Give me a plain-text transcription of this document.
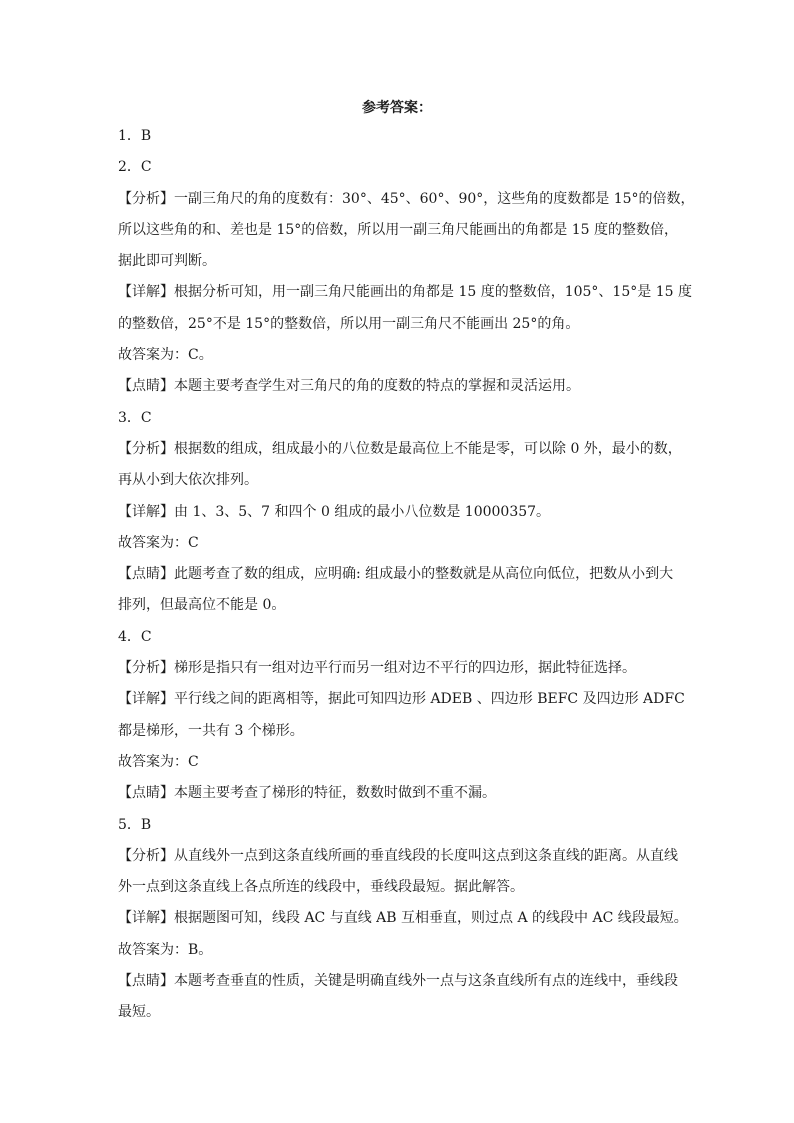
参考答案：
1．B
2．C
【分析】一副三角尺的角的度数有：30°、45°、60°、90°，这些角的度数都是 15°的倍数，
所以这些角的和、差也是 15°的倍数，所以用一副三角尺能画出的角都是 15 度的整数倍，
据此即可判断。
【详解】根据分析可知，用一副三角尺能画出的角都是 15 度的整数倍，105°、15°是 15 度
的整数倍，25°不是 15°的整数倍，所以用一副三角尺不能画出 25°的角。
故答案为：C。
【点睛】本题主要考查学生对三角尺的角的度数的特点的掌握和灵活运用。
3．C
【分析】根据数的组成，组成最小的八位数是最高位上不能是零，可以除 0 外，最小的数，
再从小到大依次排列。
【详解】由 1、3、5、7 和四个 0 组成的最小八位数是 10000357。
故答案为：C
【点睛】此题考查了数的组成，应明确: 组成最小的整数就是从高位向低位，把数从小到大
排列，但最高位不能是 0。
4．C
【分析】梯形是指只有一组对边平行而另一组对边不平行的四边形，据此特征选择。
【详解】平行线之间的距离相等，据此可知四边形 ADEB 、四边形 BEFC 及四边形 ADFC
都是梯形，一共有 3 个梯形。
故答案为：C
【点睛】本题主要考查了梯形的特征，数数时做到不重不漏。
5．B
【分析】从直线外一点到这条直线所画的垂直线段的长度叫这点到这条直线的距离。从直线
外一点到这条直线上各点所连的线段中，垂线段最短。据此解答。
【详解】根据题图可知，线段 AC 与直线 AB 互相垂直，则过点 A 的线段中 AC 线段最短。
故答案为：B。
【点睛】本题考查垂直的性质，关键是明确直线外一点与这条直线所有点的连线中，垂线段
最短。
